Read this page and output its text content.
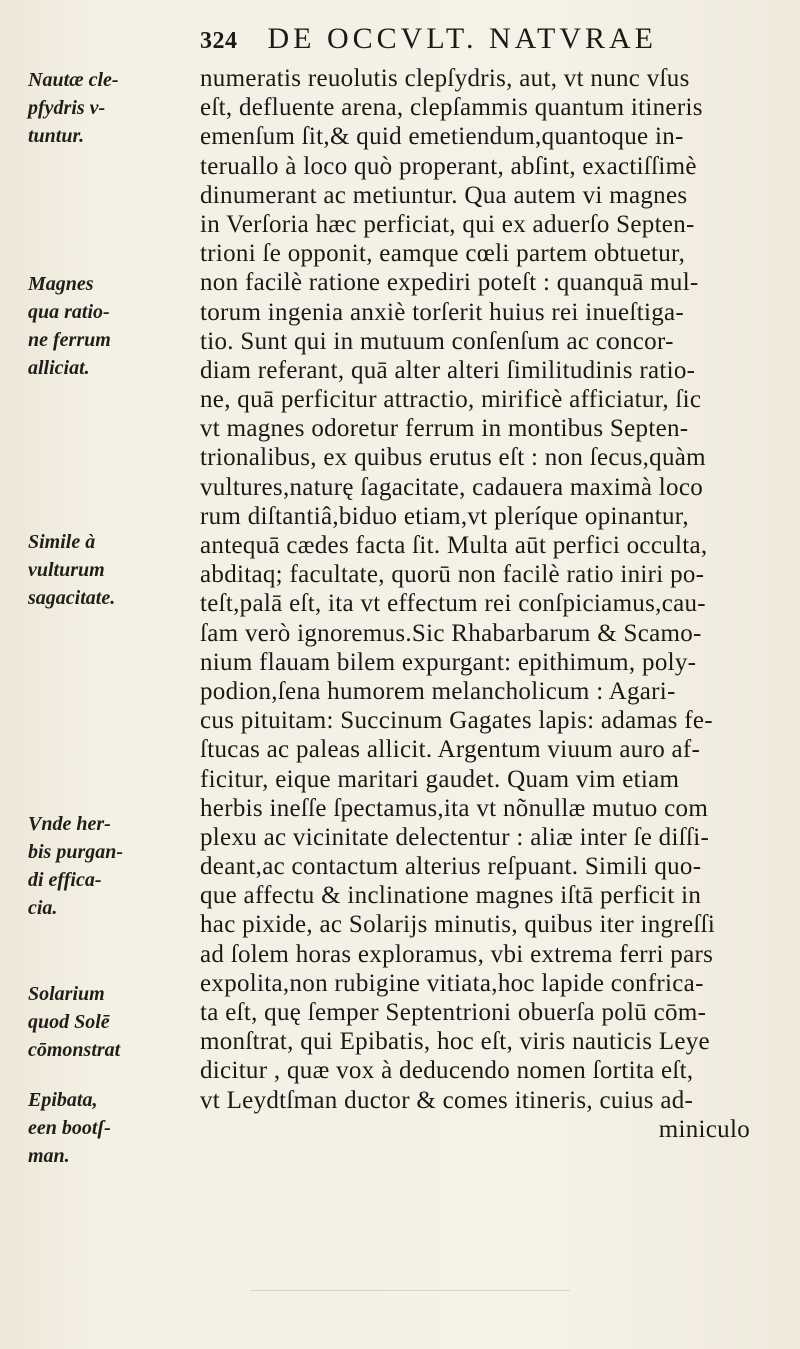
324 DE OCCVLT. NATVRAE
Nautæ cle-
pfydris v-
tuntur.
Magnes
qua ratio-
ne ferrum
alliciat.
Simile à
vulturum
sagacitate.
Vnde her-
bis purgan-
di effica-
cia.
Solarium
quod Solē
cōmonstrat
Epibata,
een bootſ-
man.
numeratis reuolutis clepſydris, aut, vt nunc vſus
eſt, defluente arena, clepſammis quantum itineris
emenſum ſit,& quid emetiendum,quantoque in-
teruallo à loco quò properant, abſint, exactiſſimè
dinumerant ac metiuntur. Qua autem vi magnes
in Verſoria hæc perficiat, qui ex aduerſo Septen-
trioni ſe opponit, eamque cœli partem obtuetur,
non facilè ratione expediri poteſt : quanquā mul-
torum ingenia anxiè torſerit huius rei inueſtiga-
tio. Sunt qui in mutuum conſenſum ac concor-
diam referant, quā alter alteri ſimilitudinis ratio-
ne, quā perficitur attractio, mirificè afficiatur, ſic
vt magnes odoretur ferrum in montibus Septen-
trionalibus, ex quibus erutus eſt : non ſecus,quàm
vultures,naturę ſagacitate, cadauera maximà loco
rum diſtantiâ,biduo etiam,vt pleríque opinantur,
antequā cædes facta ſit. Multa aūt perfici occulta,
abditaq; facultate, quorū non facilè ratio iniri po-
teſt,palā eſt, ita vt effectum rei conſpiciamus,cau-
ſam verò ignoremus.Sic Rhabarbarum & Scamo-
nium flauam bilem expurgant: epithimum, poly-
podion,ſena humorem melancholicum : Agari-
cus pituitam: Succinum Gagates lapis: adamas fe-
ſtucas ac paleas allicit. Argentum viuum auro af-
ficitur, eique maritari gaudet. Quam vim etiam
herbis ineſſe ſpectamus,ita vt nõnullæ mutuo com
plexu ac vicinitate delectentur : aliæ inter ſe diſſi-
deant,ac contactum alterius reſpuant. Simili quo-
que affectu & inclinatione magnes iſtā perficit in
hac pixide, ac Solarijs minutis, quibus iter ingreſſi
ad ſolem horas exploramus, vbi extrema ferri pars
expolita,non rubigine vitiata,hoc lapide confrica-
ta eſt, quę ſemper Septentrioni obuerſa polū cōm-
monſtrat, qui Epibatis, hoc eſt, viris nauticis Leye
dicitur , quæ vox à deducendo nomen ſortita eſt,
vt Leydtſman ductor & comes itineris, cuius ad-
miniculo
